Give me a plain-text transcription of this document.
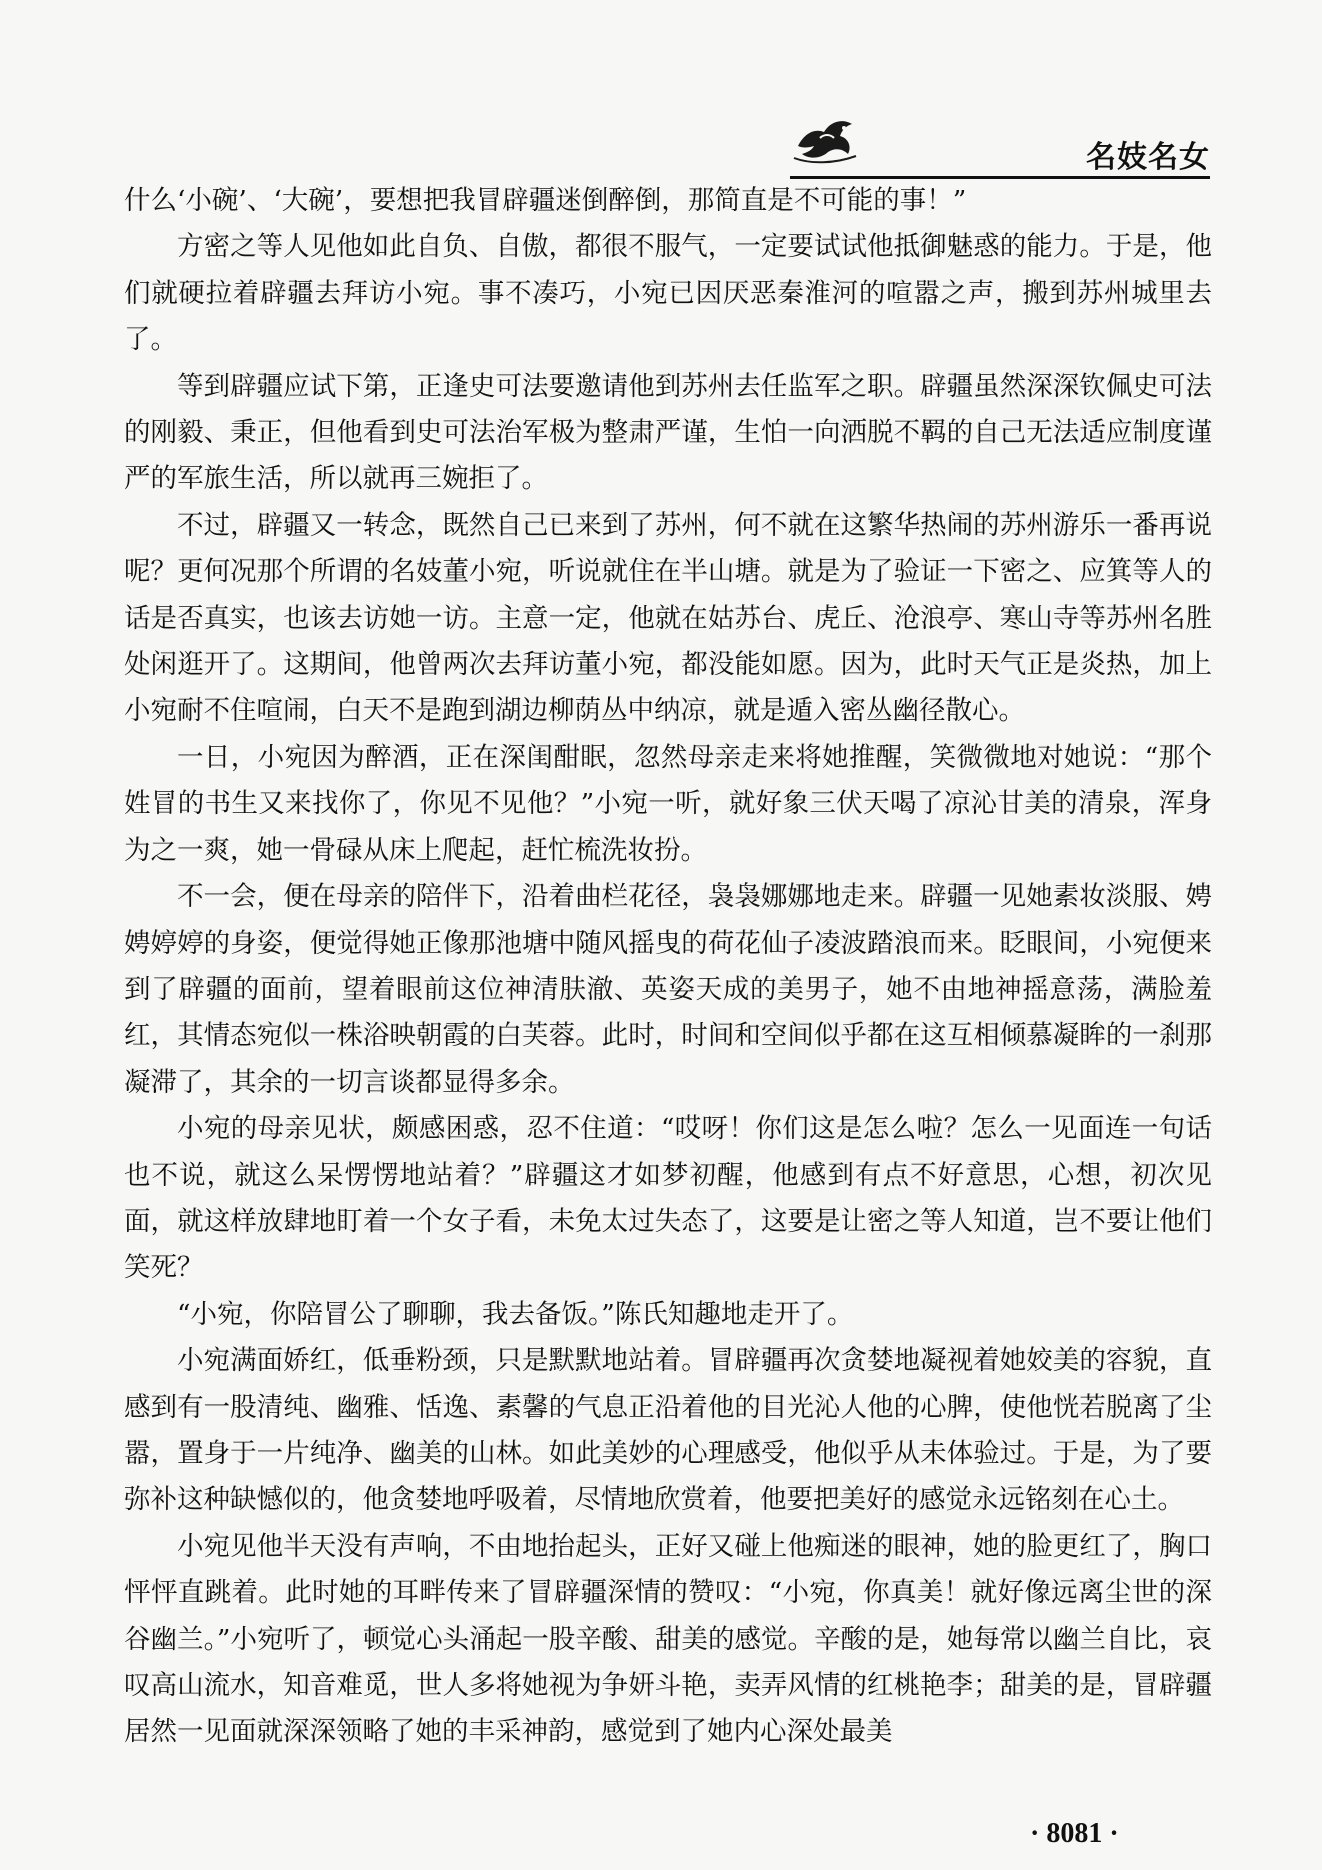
名妓名女

什么‘小碗’、‘大碗’，要想把我冒辟疆迷倒醉倒，那简直是不可能的事！”

方密之等人见他如此自负、自傲，都很不服气，一定要试试他抵御魅惑的能力。于是，他们就硬拉着辟疆去拜访小宛。事不凑巧，小宛已因厌恶秦淮河的喧嚣之声，搬到苏州城里去了。

等到辟疆应试下第，正逢史可法要邀请他到苏州去任监军之职。辟疆虽然深深钦佩史可法的刚毅、秉正，但他看到史可法治军极为整肃严谨，生怕一向洒脱不羁的自己无法适应制度谨严的军旅生活，所以就再三婉拒了。

不过，辟疆又一转念，既然自己已来到了苏州，何不就在这繁华热闹的苏州游乐一番再说呢？更何况那个所谓的名妓董小宛，听说就住在半山塘。就是为了验证一下密之、应箕等人的话是否真实，也该去访她一访。主意一定，他就在姑苏台、虎丘、沧浪亭、寒山寺等苏州名胜处闲逛开了。这期间，他曾两次去拜访董小宛，都没能如愿。因为，此时天气正是炎热，加上小宛耐不住喧闹，白天不是跑到湖边柳荫丛中纳凉，就是遁入密丛幽径散心。

一日，小宛因为醉酒，正在深闺酣眠，忽然母亲走来将她推醒，笑微微地对她说：“那个姓冒的书生又来找你了，你见不见他？”小宛一听，就好象三伏天喝了凉沁甘美的清泉，浑身为之一爽，她一骨碌从床上爬起，赶忙梳洗妆扮。

不一会，便在母亲的陪伴下，沿着曲栏花径，袅袅娜娜地走来。辟疆一见她素妆淡服、娉娉婷婷的身姿，便觉得她正像那池塘中随风摇曳的荷花仙子凌波踏浪而来。眨眼间，小宛便来到了辟疆的面前，望着眼前这位神清肤澈、英姿天成的美男子，她不由地神摇意荡，满脸羞红，其情态宛似一株浴映朝霞的白芙蓉。此时，时间和空间似乎都在这互相倾慕凝眸的一刹那凝滞了，其余的一切言谈都显得多余。

小宛的母亲见状，颇感困惑，忍不住道：“哎呀！你们这是怎么啦？怎么一见面连一句话也不说，就这么呆愣愣地站着？”辟疆这才如梦初醒，他感到有点不好意思，心想，初次见面，就这样放肆地盯着一个女子看，未免太过失态了，这要是让密之等人知道，岂不要让他们笑死？

“小宛，你陪冒公了聊聊，我去备饭。”陈氏知趣地走开了。

小宛满面娇红，低垂粉颈，只是默默地站着。冒辟疆再次贪婪地凝视着她姣美的容貌，直感到有一股清纯、幽雅、恬逸、素馨的气息正沿着他的目光沁人他的心脾，使他恍若脱离了尘嚣，置身于一片纯净、幽美的山林。如此美妙的心理感受，他似乎从未体验过。于是，为了要弥补这种缺憾似的，他贪婪地呼吸着，尽情地欣赏着，他要把美好的感觉永远铭刻在心土。

小宛见他半天没有声响，不由地抬起头，正好又碰上他痴迷的眼神，她的脸更红了，胸口怦怦直跳着。此时她的耳畔传来了冒辟疆深情的赞叹：“小宛，你真美！就好像远离尘世的深谷幽兰。”小宛听了，顿觉心头涌起一股辛酸、甜美的感觉。辛酸的是，她每常以幽兰自比，哀叹高山流水，知音难觅，世人多将她视为争妍斗艳，卖弄风情的红桃艳李；甜美的是，冒辟疆居然一见面就深深领略了她的丰采神韵，感觉到了她内心深处最美

· 8081 ·
